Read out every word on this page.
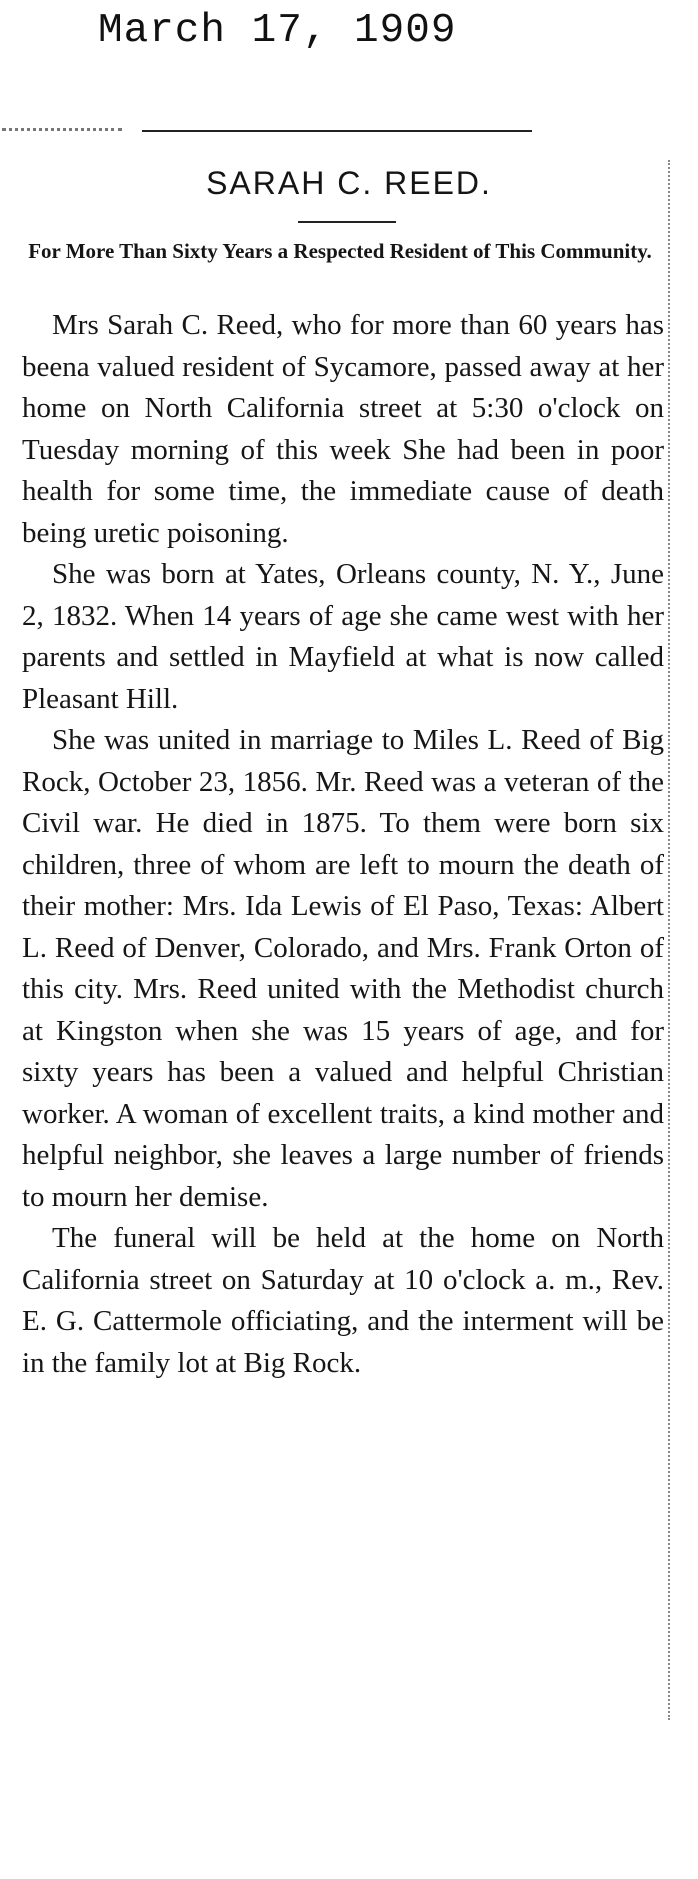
March 17, 1909
SARAH C. REED.
For More Than Sixty Years a Respected Resident of This Community.

Mrs Sarah C. Reed, who for more than 60 years has beena valued resident of Sycamore, passed away at her home on North California street at 5:30 o'clock on Tuesday morning of this week She had been in poor health for some time, the immediate cause of death being uretic poisoning.

She was born at Yates, Orleans county, N. Y., June 2, 1832. When 14 years of age she came west with her parents and settled in Mayfield at what is now called Pleasant Hill.

She was united in marriage to Miles L. Reed of Big Rock, October 23, 1856. Mr. Reed was a veteran of the Civil war. He died in 1875. To them were born six children, three of whom are left to mourn the death of their mother: Mrs. Ida Lewis of El Paso, Texas: Albert L. Reed of Denver, Colorado, and Mrs. Frank Orton of this city. Mrs. Reed united with the Methodist church at Kingston when she was 15 years of age, and for sixty years has been a valued and helpful Christian worker. A woman of excellent traits, a kind mother and helpful neighbor, she leaves a large number of friends to mourn her demise.

The funeral will be held at the home on North California street on Saturday at 10 o'clock a. m., Rev. E. G. Cattermole officiating, and the interment will be in the family lot at Big Rock.
